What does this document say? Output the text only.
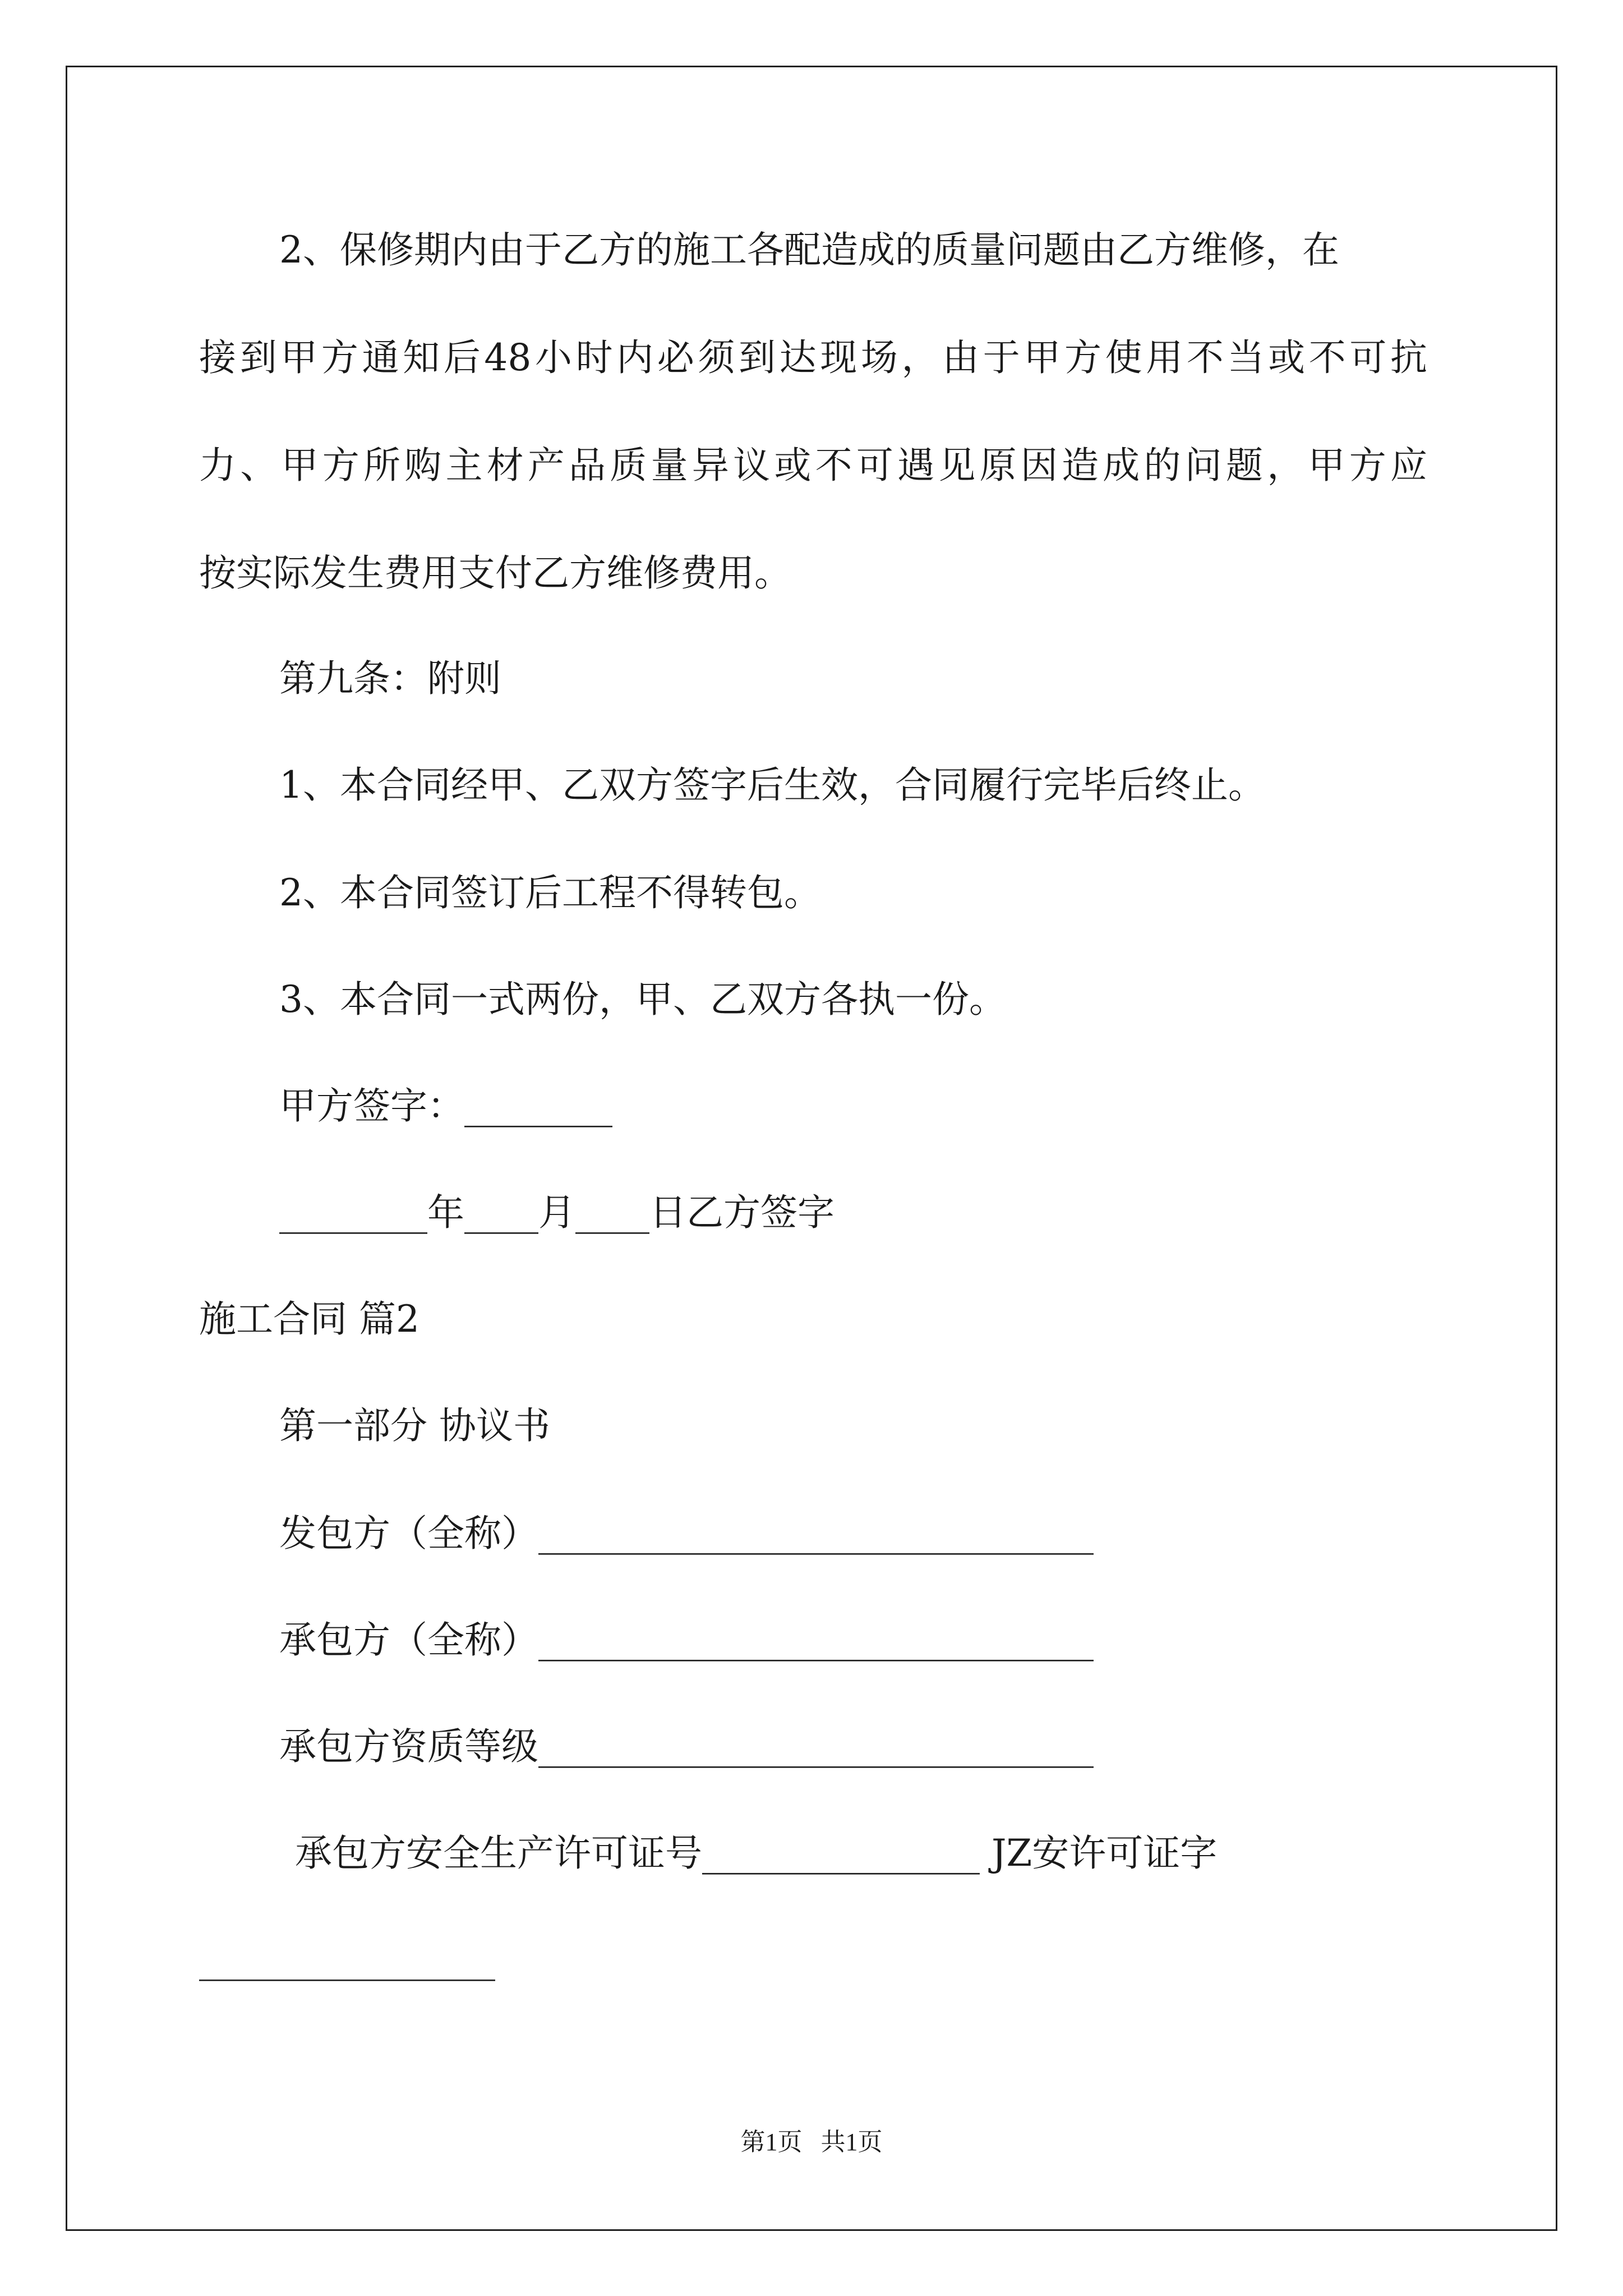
2、保修期内由于乙方的施工各配造成的质量问题由乙方维修，在
接到甲方通知后48小时内必须到达现场，由于甲方使用不当或不可抗
力、甲方所购主材产品质量异议或不可遇见原因造成的问题，甲方应
按实际发生费用支付乙方维修费用。
第九条：附则
1、本合同经甲、乙双方签字后生效，合同履行完毕后终止。
2、本合同签订后工程不得转包。
3、本合同一式两份，甲、乙双方各执一份。
甲方签字：________
________年____月____日乙方签字
施工合同 篇2
第一部分 协议书
发包方（全称）______________________________
承包方（全称）______________________________
承包方资质等级______________________________
承包方安全生产许可证号_______________ JZ安许可证字
________________
第1页   共1页
